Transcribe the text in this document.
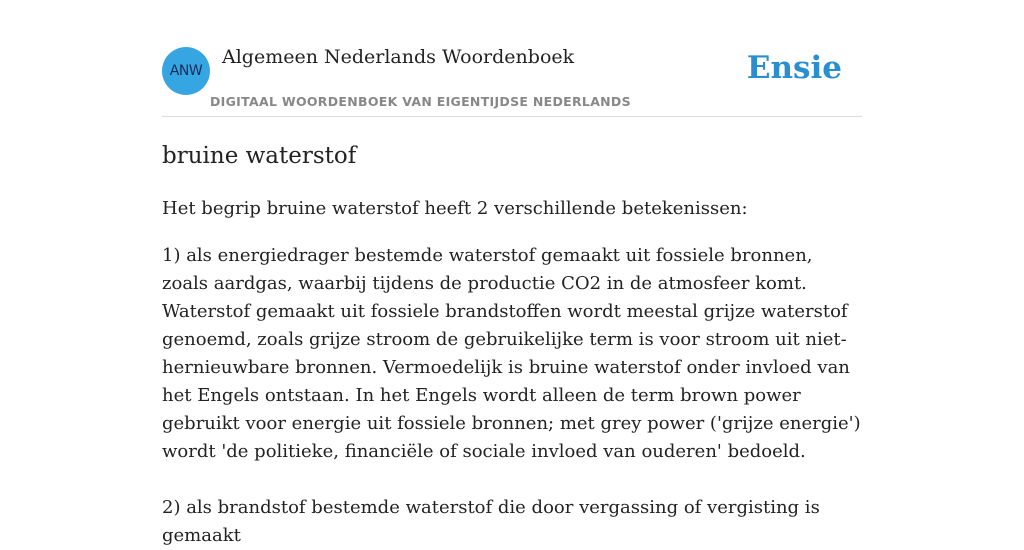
ANW
Algemeen Nederlands Woordenboek
DIGITAAL WOORDENBOEK VAN EIGENTIJDSE NEDERLANDS
Ensie
bruine waterstof

Het begrip bruine waterstof heeft 2 verschillende betekenissen:

1) als energiedrager bestemde waterstof gemaakt uit fossiele bronnen, zoals aardgas, waarbij tijdens de productie CO2 in de atmosfeer komt.

Waterstof gemaakt uit fossiele brandstoffen wordt meestal grijze waterstof genoemd, zoals grijze stroom de gebruikelijke term is voor stroom uit niet-hernieuwbare bronnen. Vermoedelijk is bruine waterstof onder invloed van het Engels ontstaan. In het Engels wordt alleen de term brown power gebruikt voor energie uit fossiele bronnen; met grey power ('grijze energie') wordt 'de politieke, financiële of sociale invloed van ouderen' bedoeld.

2) als brandstof bestemde waterstof die door vergassing of vergisting is gemaakt
